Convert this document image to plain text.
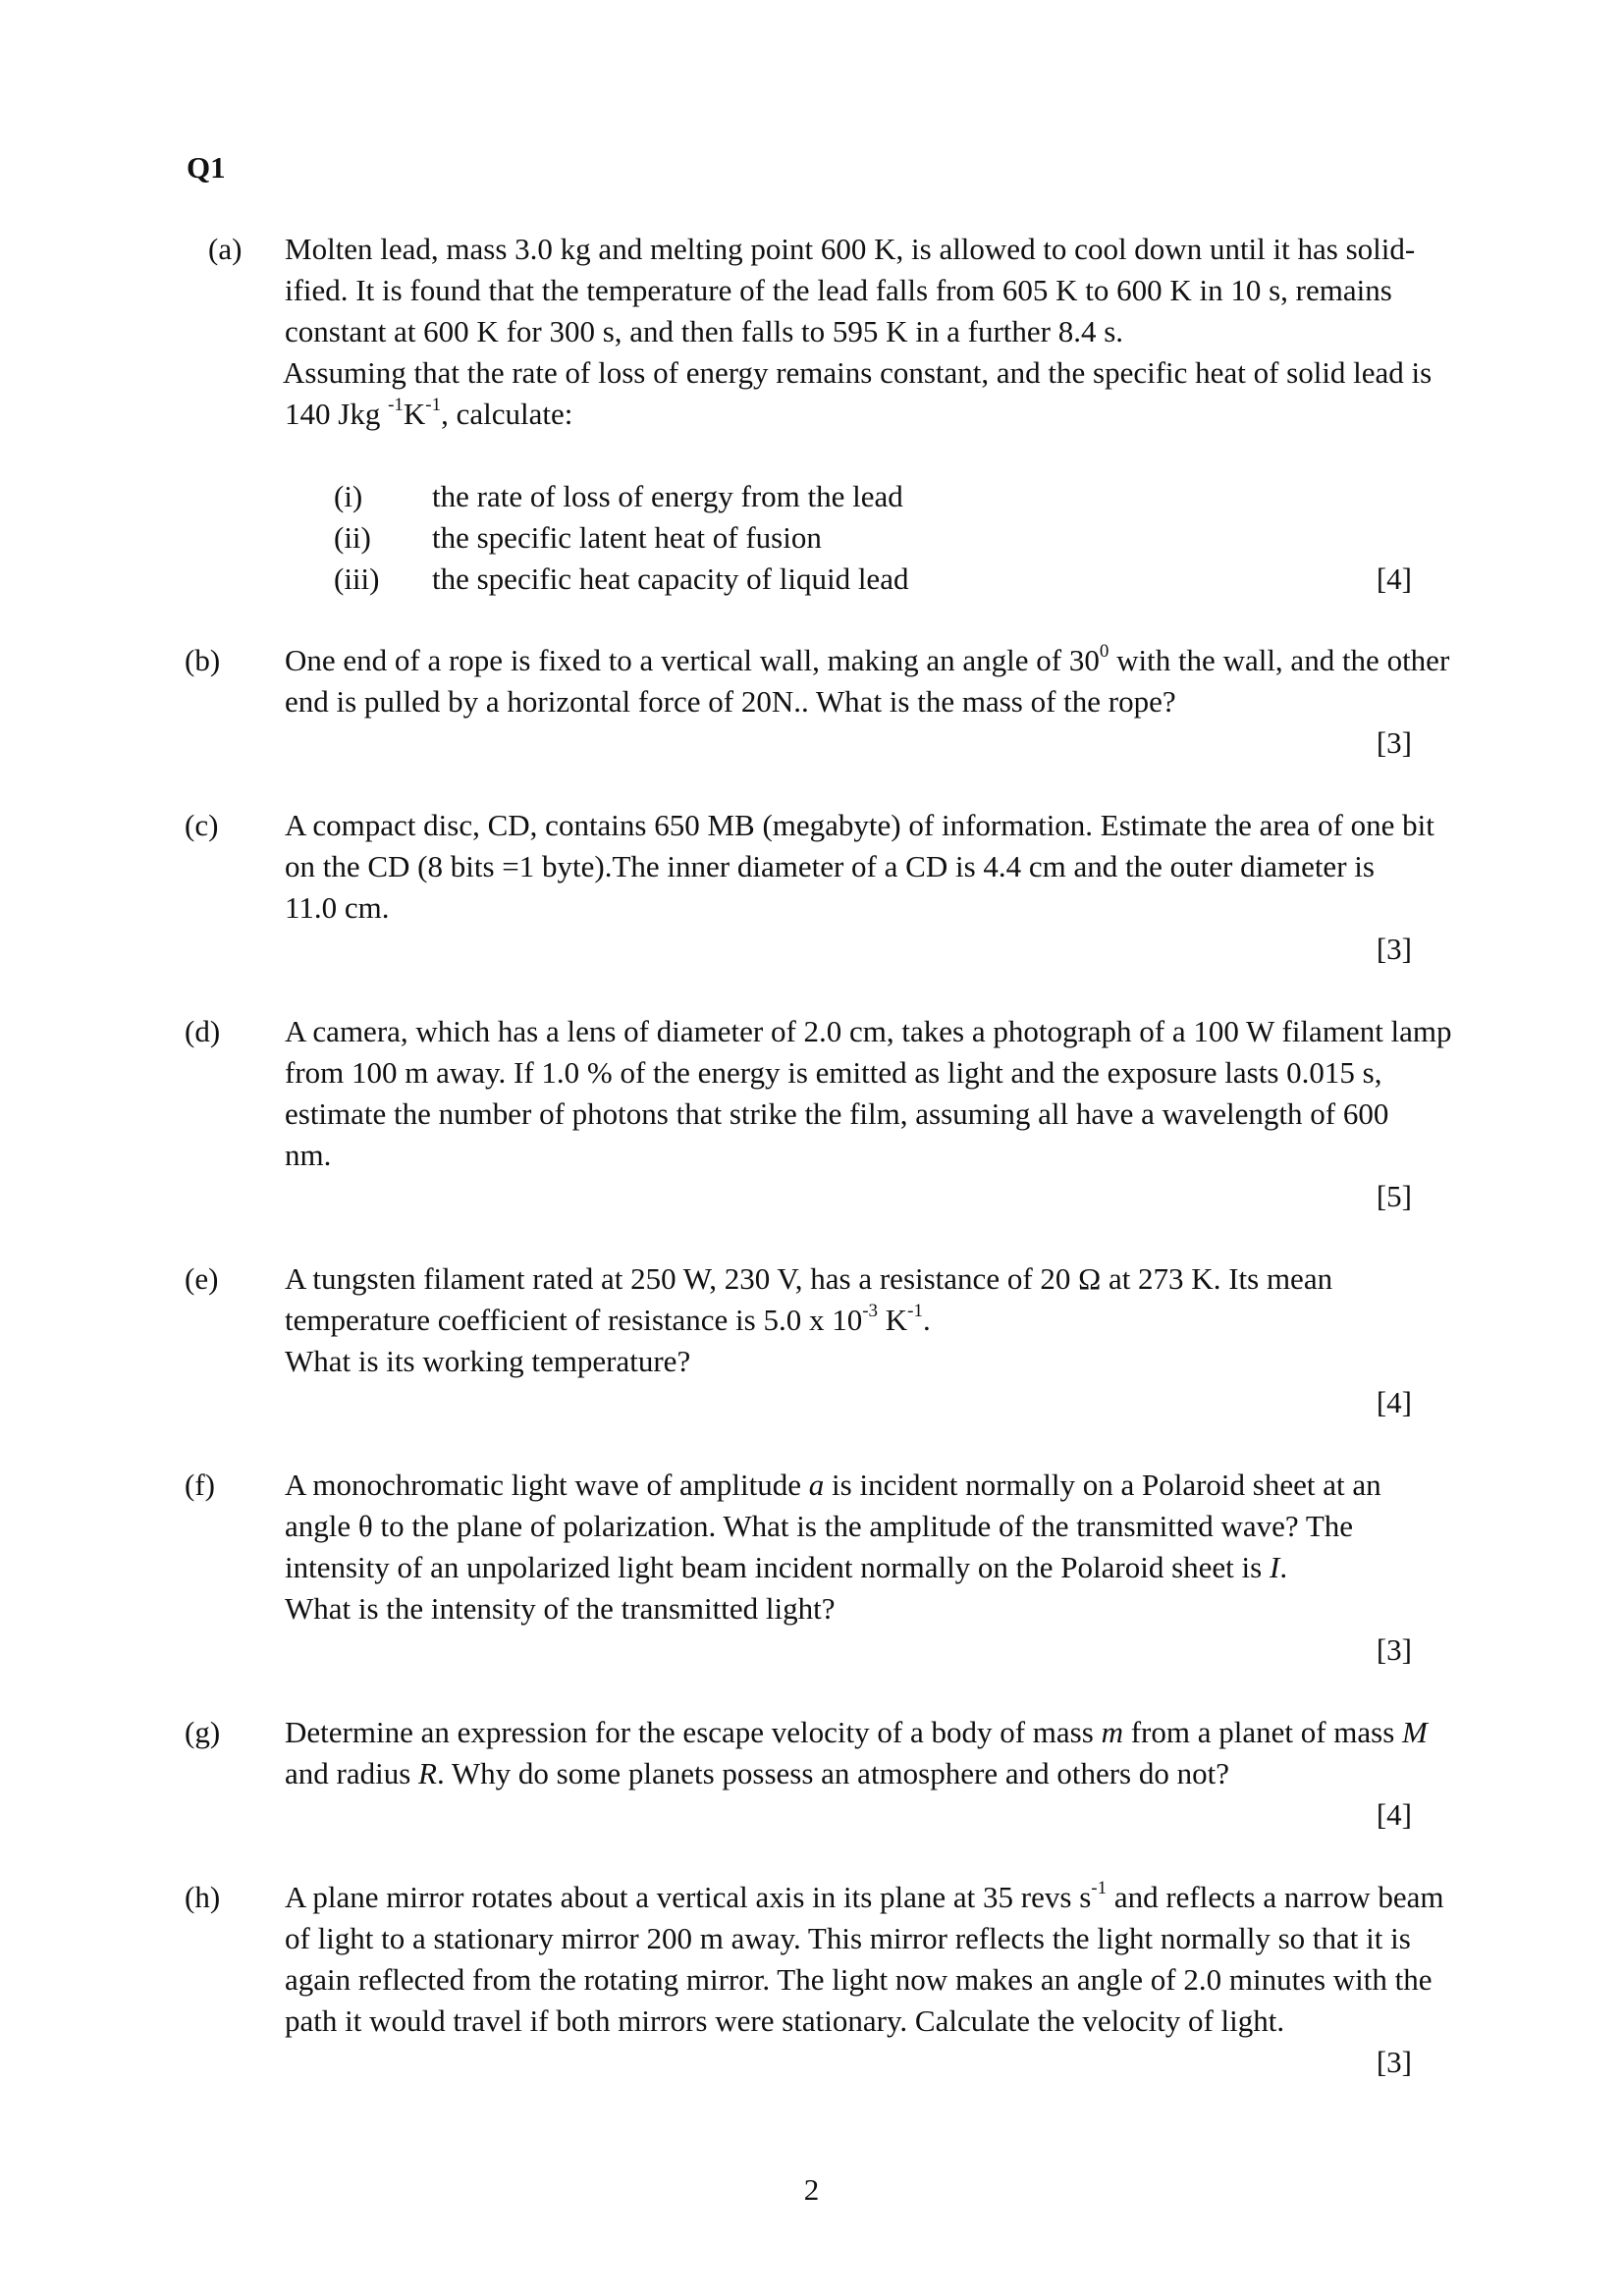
Q1
(a)	Molten lead, mass 3.0 kg and melting point 600 K, is allowed to cool down until it has solid-
ified. It is found that the temperature of the lead falls from 605 K to 600 K in 10 s, remains
constant at 600 K for 300 s, and then falls to 595 K in a further 8.4 s.
Assuming that the rate of loss of energy remains constant, and the specific heat of solid lead is
140 Jkg $^{-1}K^{-1}$, calculate:
(i) the rate of loss of energy from the lead
(ii) the specific latent heat of fusion
(iii) the specific heat capacity of liquid lead	[4]
(b)	One end of a rope is fixed to a vertical wall, making an angle of $30^0$ with the wall, and the other
end is pulled by a horizontal force of 20N.. What is the mass of the rope?
[3]
(c)	A compact disc, CD, contains 650 MB (megabyte) of information. Estimate the area of one bit
on the CD (8 bits =1 byte).The inner diameter of a CD is 4.4 cm and the outer diameter is
11.0 cm.
[3]
(d)	A camera, which has a lens of diameter of 2.0 cm, takes a photograph of a 100 W filament lamp
from 100 m away. If 1.0 % of the energy is emitted as light and the exposure lasts 0.015 s,
estimate the number of photons that strike the film, assuming all have a wavelength of 600
nm.
[5]
(e)	A tungsten filament rated at 250 W, 230 V, has a resistance of 20 Ω at 273 K. Its mean
temperature coefficient of resistance is 5.0 x $10^{-3}$ $K^{-1}$.
What is its working temperature?
[4]
(f)	A monochromatic light wave of amplitude a is incident normally on a Polaroid sheet at an
angle θ to the plane of polarization. What is the amplitude of the transmitted wave? The
intensity of an unpolarized light beam incident normally on the Polaroid sheet is I.
What is the intensity of the transmitted light?
[3]
(g)	Determine an expression for the escape velocity of a body of mass m from a planet of mass M
and radius R. Why do some planets possess an atmosphere and others do not?
[4]
(h)	A plane mirror rotates about a vertical axis in its plane at 35 revs $s^{-1}$ and reflects a narrow beam
of light to a stationary mirror 200 m away. This mirror reflects the light normally so that it is
again reflected from the rotating mirror. The light now makes an angle of 2.0 minutes with the
path it would travel if both mirrors were stationary. Calculate the velocity of light.
[3]
2
